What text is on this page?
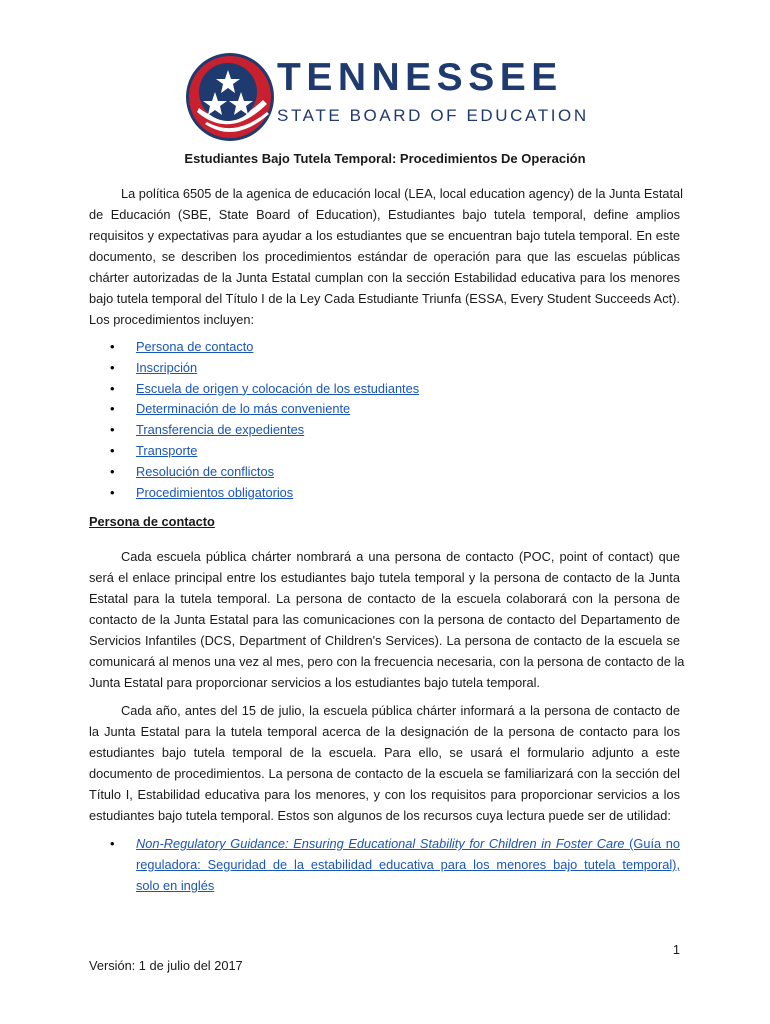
TENNESSEE
STATE BOARD OF EDUCATION
Estudiantes Bajo Tutela Temporal: Procedimientos De Operación

La política 6505 de la agenica de educación local (LEA, local education agency) de la Junta Estatal
de Educación (SBE, State Board of Education), Estudiantes bajo tutela temporal, define amplios
requisitos y expectativas para ayudar a los estudiantes que se encuentran bajo tutela temporal. En este
documento, se describen los procedimientos estándar de operación para que las escuelas públicas
chárter autorizadas de la Junta Estatal cumplan con la sección Estabilidad educativa para los menores
bajo tutela temporal del Título I de la Ley Cada Estudiante Triunfa (ESSA, Every Student Succeeds Act).
Los procedimientos incluyen:

• Persona de contacto
• Inscripción
• Escuela de origen y colocación de los estudiantes
• Determinación de lo más conveniente
• Transferencia de expedientes
• Transporte
• Resolución de conflictos
• Procedimientos obligatorios
Persona de contacto

Cada escuela pública chárter nombrará a una persona de contacto (POC, point of contact) que
será el enlace principal entre los estudiantes bajo tutela temporal y la persona de contacto de la Junta
Estatal para la tutela temporal. La persona de contacto de la escuela colaborará con la persona de
contacto de la Junta Estatal para las comunicaciones con la persona de contacto del Departamento de
Servicios Infantiles (DCS, Department of Children's Services). La persona de contacto de la escuela se
comunicará al menos una vez al mes, pero con la frecuencia necesaria, con la persona de contacto de la
Junta Estatal para proporcionar servicios a los estudiantes bajo tutela temporal.

Cada año, antes del 15 de julio, la escuela pública chárter informará a la persona de contacto de
la Junta Estatal para la tutela temporal acerca de la designación de la persona de contacto para los
estudiantes bajo tutela temporal de la escuela. Para ello, se usará el formulario adjunto a este
documento de procedimientos. La persona de contacto de la escuela se familiarizará con la sección del
Título I, Estabilidad educativa para los menores, y con los requisitos para proporcionar servicios a los
estudiantes bajo tutela temporal. Estos son algunos de los recursos cuya lectura puede ser de utilidad:

• Non-Regulatory Guidance: Ensuring Educational Stability for Children in Foster Care (Guía no
reguladora: Seguridad de la estabilidad educativa para los menores bajo tutela temporal),
solo en inglés
1
Versión: 1 de julio del 2017
